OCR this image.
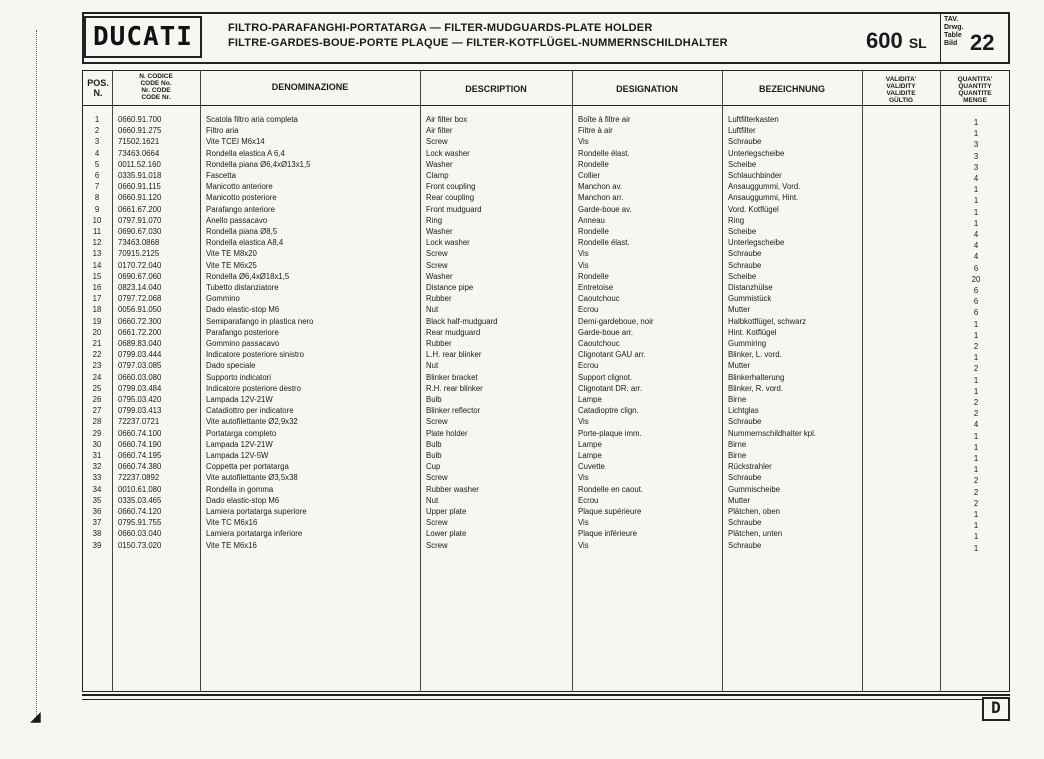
◢
DUCATI	FILTRO-PARAFANGHI-PORTATARGA — FILTER-MUDGUARDS-PLATE HOLDER
FILTRE-GARDES-BOUE-PORTE PLAQUE — FILTER-KOTFLÜGEL-NUMMERNSCHILDHALTER	600 SL
TAV.
Drwg.
Table
Bild 22
POS. N.
N. CODICE
CODE No.
Nr. CODE
CODE Nr.
DENOMINAZIONE	DESCRIPTION	DESIGNATION	BEZEICHNUNG
VALIDITA'
VALIDITY
VALIDITE
GÜLTIG
QUANTITA'
QUANTITY
QUANTITE
MENGE
1	0660.91.700	Scatola filtro aria completa	Air filter box	Boîte à filtre air	Luftfilterkasten	1
2	0660.91.275	Filtro aria	Air filter	Filtre à air	Luftfilter	1
3	71502.1621	Vite TCEI M6x14	Screw	Vis	Schraube	3
4	73463.0664	Rondella elastica A 6,4	Lock washer	Rondelle élast.	Unterlegscheibe	3
5	0011.52.160	Rondella piana Ø6,4xØ13x1,5	Washer	Rondelle	Scheibe	3
6	0335.91.018	Fascetta	Clamp	Collier	Schlauchbinder	4
7	0660.91.115	Manicotto anteriore	Front coupling	Manchon av.	Ansauggummi, Vord.	1
8	0660.91.120	Manicotto posteriore	Rear coupling	Manchon arr.	Ansauggummi, Hint.	1
9	0661.67.200	Parafango anteriore	Front mudguard	Garde-boue av.	Vord. Kotflügel	1
10	0797.91.070	Anello passacavo	Ring	Anneau	Ring	1
11	0690.67.030	Rondella piana Ø8,5	Washer	Rondelle	Scheibe	4
12	73463.0868	Rondella elastica A8,4	Lock washer	Rondelle élast.	Unterlegscheibe	4
13	70915.2125	Vite TE M8x20	Screw	Vis	Schraube	4
14	0170.72.040	Vite TE M6x25	Screw	Vis	Schraube	6
15	0690.67.060	Rondella Ø6,4xØ18x1,5	Washer	Rondelle	Scheibe	20
16	0823.14.040	Tubetto distanziatore	Distance pipe	Entretoise	Distanzhülse	6
17	0797.72.068	Gommino	Rubber	Caoutchouc	Gummistück	6
18	0056.91.050	Dado elastic-stop M6	Nut	Ecrou	Mutter	6
19	0660.72.300	Semiparafango in plastica nero	Black half-mudguard	Demi-gardeboue, noir	Halbkotflügel, schwarz	1
20	0661.72.200	Parafango posteriore	Rear mudguard	Garde-boue arr.	Hint. Kotflügel	1
21	0689.83.040	Gommino passacavo	Rubber	Caoutchouc	Gummiring	2
22	0799.03.444	Indicatore posteriore sinistro	L.H. rear blinker	Clignotant GAU arr.	Blinker, L. vord.	1
23	0797.03.085	Dado speciale	Nut	Ecrou	Mutter	2
24	0660.03.080	Supporto indicatori	Blinker bracket	Support clignot.	Blinkerhalterung	1
25	0799.03.484	Indicatore posteriore destro	R.H. rear blinker	Clignotant DR. arr.	Blinker, R. vord.	1
26	0795.03.420	Lampada 12V-21W	Bulb	Lampe	Birne	2
27	0799.03.413	Catadiottro per indicatore	Blinker reflector	Catadioptre clign.	Lichtglas	2
28	72237.0721	Vite autofilettante Ø2,9x32	Screw	Vis	Schraube	4
29	0660.74.100	Portatarga completo	Plate holder	Porte-plaque imm.	Nummernschildhalter kpl.	1
30	0660.74.190	Lampada 12V-21W	Bulb	Lampe	Birne	1
31	0660.74.195	Lampada 12V-5W	Bulb	Lampe	Birne	1
32	0660.74.380	Coppetta per portatarga	Cup	Cuvette	Rückstrahler	1
33	72237.0892	Vite autofilettante Ø3,5x38	Screw	Vis	Schraube	2
34	0010.61.080	Rondella in gomma	Rubber washer	Rondelle en caout.	Gummischeibe	2
35	0335.03.465	Dado elastic-stop M6	Nut	Ecrou	Mutter	2
36	0660.74.120	Lamiera portatarga superiore	Upper plate	Plaque supérieure	Plätchen, oben	1
37	0795.91.755	Vite TC M6x16	Screw	Vis	Schraube	1
38	0660.03.040	Lamiera portatarga inferiore	Lower plate	Plaque inférieure	Plätchen, unten	1
39	0150.73.020	Vite TE M6x16	Screw	Vis	Schraube	1
D
